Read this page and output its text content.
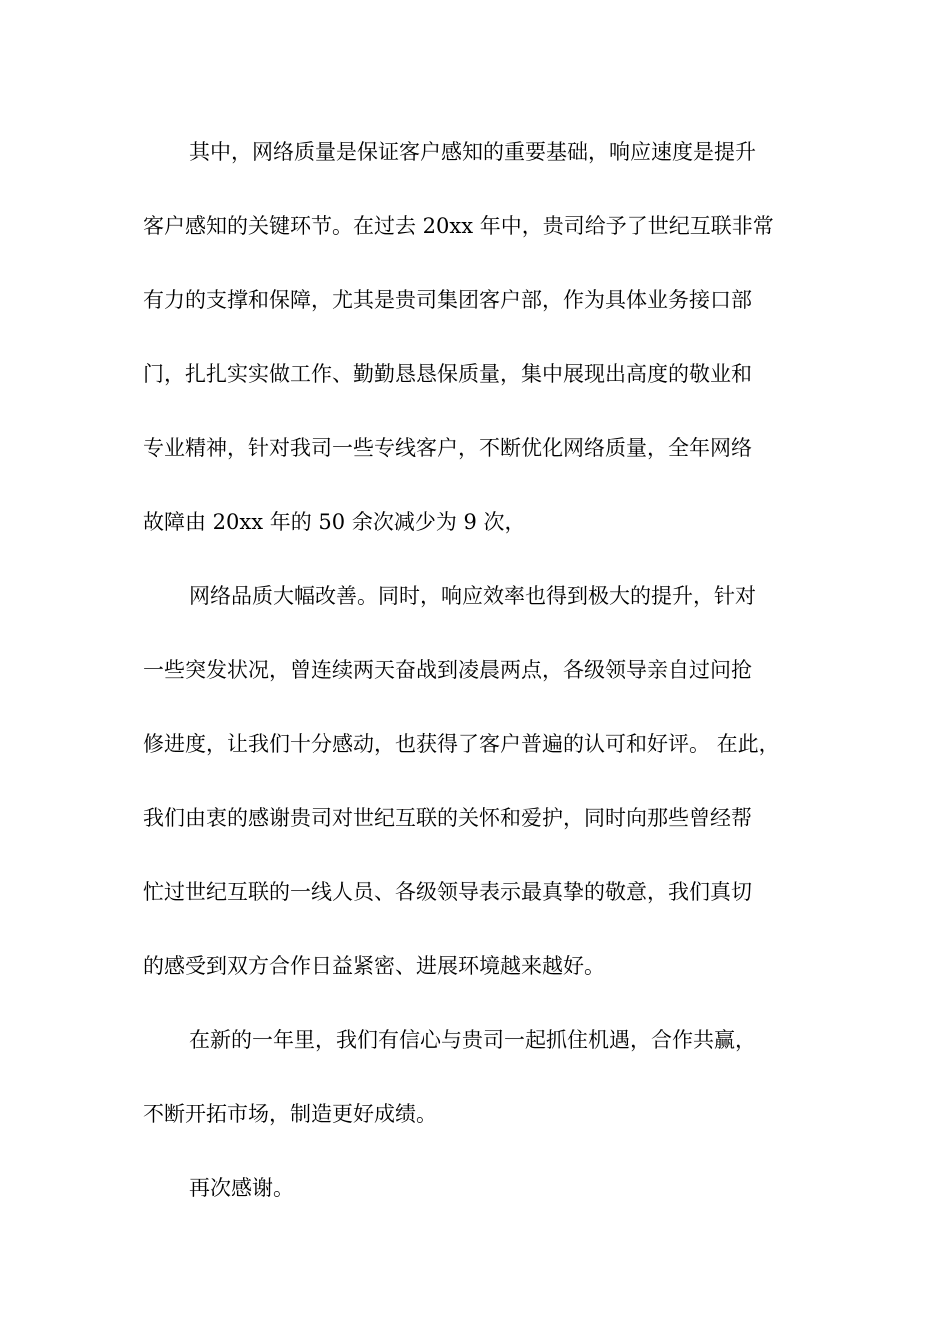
其中，网络质量是保证客户感知的重要基础，响应速度是提升
客户感知的关键环节。在过去 20xx 年中，贵司给予了世纪互联非常
有力的支撑和保障，尤其是贵司集团客户部，作为具体业务接口部
门，扎扎实实做工作、勤勤恳恳保质量，集中展现出高度的敬业和
专业精神，针对我司一些专线客户，不断优化网络质量，全年网络
故障由 20xx 年的 50 余次减少为 9 次，
网络品质大幅改善。同时，响应效率也得到极大的提升，针对
一些突发状况，曾连续两天奋战到凌晨两点，各级领导亲自过问抢
修进度，让我们十分感动，也获得了客户普遍的认可和好评。 在此，
我们由衷的感谢贵司对世纪互联的关怀和爱护，同时向那些曾经帮
忙过世纪互联的一线人员、各级领导表示最真挚的敬意，我们真切
的感受到双方合作日益紧密、进展环境越来越好。
在新的一年里，我们有信心与贵司一起抓住机遇，合作共赢，
不断开拓市场，制造更好成绩。
再次感谢。
